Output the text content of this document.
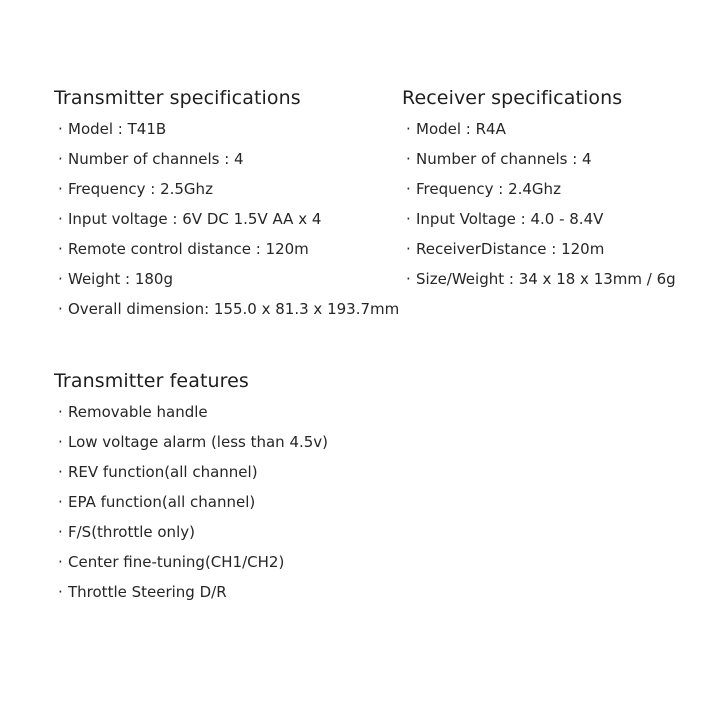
Transmitter specifications
· Model : T41B
· Number of channels : 4
· Frequency : 2.5Ghz
· Input voltage : 6V DC 1.5V AA x 4
· Remote control distance : 120m
· Weight : 180g
· Overall dimension: 155.0 x 81.3 x 193.7mm
Receiver specifications
· Model : R4A
· Number of channels : 4
· Frequency : 2.4Ghz
· Input Voltage : 4.0 - 8.4V
· ReceiverDistance : 120m
· Size/Weight : 34 x 18 x 13mm / 6g
Transmitter features
· Removable handle
· Low voltage alarm (less than 4.5v)
· REV function(all channel)
· EPA function(all channel)
· F/S(throttle only)
· Center fine-tuning(CH1/CH2)
· Throttle Steering D/R
